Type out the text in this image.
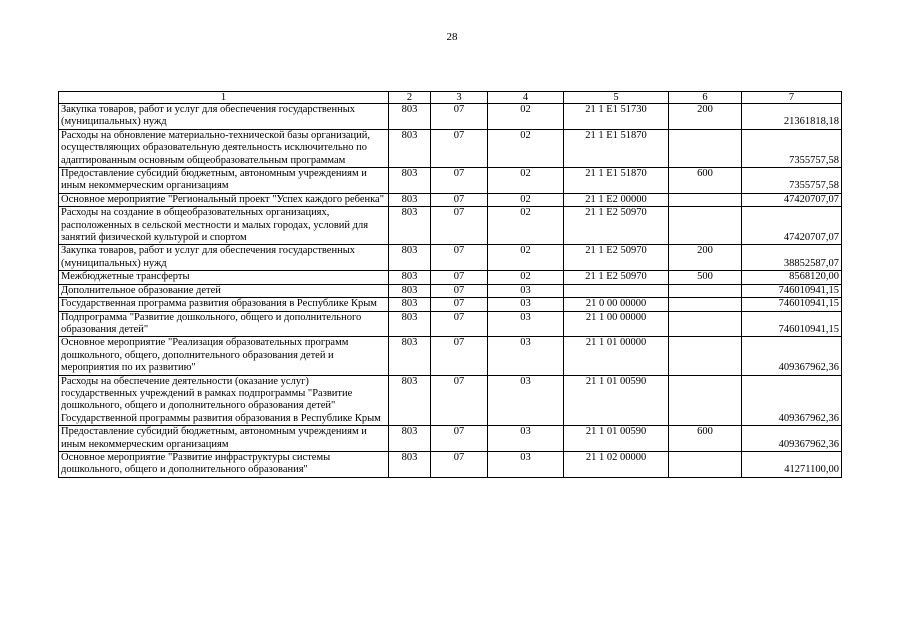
28
1	2	3	4	5	6	7
Закупка товаров, работ и услуг для обеспечения государственных (муниципальных) нужд	803	07	02	21 1 E1 51730	200	21361818,18
Расходы на обновление материально-технической базы организаций, осуществляющих образовательную деятельность исключительно по адаптированным основным общеобразовательным программам	803	07	02	21 1 E1 51870		7355757,58
Предоставление субсидий бюджетным, автономным учреждениям и иным некоммерческим организациям	803	07	02	21 1 E1 51870	600	7355757,58
Основное мероприятие "Региональный проект "Успех каждого ребенка"	803	07	02	21 1 E2 00000		47420707,07
Расходы на создание в общеобразовательных организациях, расположенных в сельской местности и малых городах, условий для занятий физической культурой и спортом	803	07	02	21 1 E2 50970		47420707,07
Закупка товаров, работ и услуг для обеспечения государственных (муниципальных) нужд	803	07	02	21 1 E2 50970	200	38852587,07
Межбюджетные трансферты	803	07	02	21 1 E2 50970	500	8568120,00
Дополнительное образование детей	803	07	03			746010941,15
Государственная программа развития образования в Республике Крым	803	07	03	21 0 00 00000		746010941,15
Подпрограмма "Развитие дошкольного, общего и дополнительного образования детей"	803	07	03	21 1 00 00000		746010941,15
Основное мероприятие "Реализация образовательных программ дошкольного, общего, дополнительного образования детей и мероприятия по их развитию"	803	07	03	21 1 01 00000		409367962,36
Расходы на обеспечение деятельности (оказание услуг) государственных учреждений в рамках подпрограммы "Развитие дошкольного, общего и дополнительного образования детей" Государственной программы развития образования в Республике Крым	803	07	03	21 1 01 00590		409367962,36
Предоставление субсидий бюджетным, автономным учреждениям и иным некоммерческим организациям	803	07	03	21 1 01 00590	600	409367962,36
Основное мероприятие "Развитие инфраструктуры системы дошкольного, общего и дополнительного образования"	803	07	03	21 1 02 00000		41271100,00
